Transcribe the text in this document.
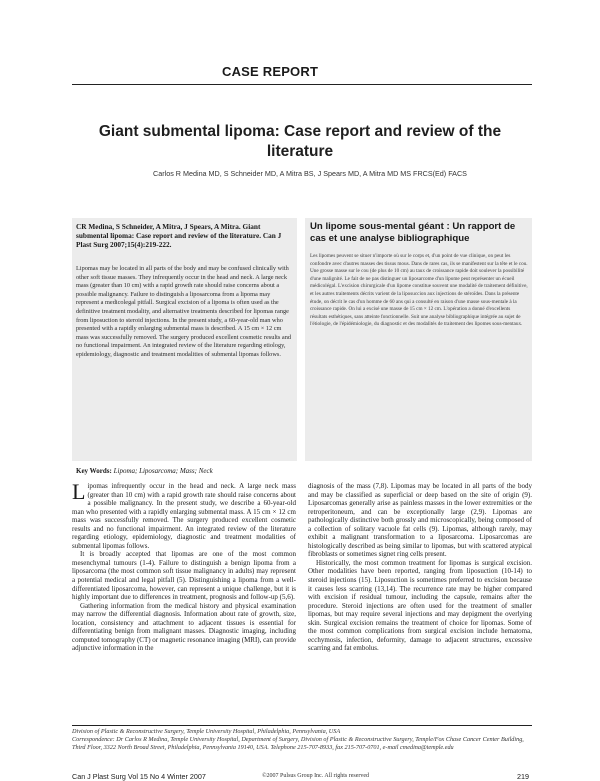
CASE REPORT
Giant submental lipoma: Case report and review of the literature
Carlos R Medina MD, S Schneider MD, A Mitra BS, J Spears MD, A Mitra MD MS FRCS(Ed) FACS
CR Medina, S Schneider, A Mitra, J Spears, A Mitra. Giant submental lipoma: Case report and review of the literature. Can J Plast Surg 2007;15(4):219-222.
Lipomas may be located in all parts of the body and may be confused clinically with other soft tissue masses. They infrequently occur in the head and neck. A large neck mass (greater than 10 cm) with a rapid growth rate should raise concerns about a possible malignancy. Failure to distinguish a liposarcoma from a lipoma may represent a medicolegal pitfall. Surgical excision of a lipoma is often used as the definitive treatment modality, and alternative treatments described for lipomas range from liposuction to steroid injections. In the present study, a 60-year-old man who presented with a rapidly enlarging submental mass is described. A 15 cm × 12 cm mass was successfully removed. The surgery produced excellent cosmetic results and no functional impairment. An integrated review of the literature regarding etiology, epidemiology, diagnostic and treatment modalities of submental lipomas follows.
Un lipome sous-mental géant : Un rapport de cas et une analyse bibliographique
Les lipomes peuvent se situer n'importe où sur le corps et, d'un point de vue clinique, on peut les confondre avec d'autres masses des tissus mous. Dans de rares cas, ils se manifestent sur la tête et le cou. Une grosse masse sur le cou (de plus de 10 cm) au taux de croissance rapide doit soulever la possibilité d'une malignité. Le fait de ne pas distinguer un liposarcome d'un lipome peut représenter un écueil médicolégal. L'excision chirurgicale d'un lipome constitue souvent une modalité de traitement définitive, et les autres traitements décrits varient de la liposuccion aux injections de stéroïdes. Dans la présente étude, on décrit le cas d'un homme de 60 ans qui a consulté en raison d'une masse sous-mentale à la croissance rapide. On lui a excisé une masse de 15 cm × 12 cm. L'opération a donné d'excellents résultats esthétiques, sans atteinte fonctionnelle. Suit une analyse bibliographique intégrée au sujet de l'étiologie, de l'épidémiologie, du diagnostic et des modalités de traitement des lipomes sous-mentaux.
Key Words: Lipoma; Liposarcoma; Mass; Neck

Lipomas infrequently occur in the head and neck. A large neck mass (greater than 10 cm) with a rapid growth rate should raise concerns about a possible malignancy. In the present study, we describe a 60-year-old man who presented with a rapidly enlarging submental mass. A 15 cm × 12 cm mass was successfully removed. The surgery produced excellent cosmetic results and no functional impairment. An integrated review of the literature regarding etiology, epidemiology, diagnostic and treatment modalities of submental lipomas follows.

It is broadly accepted that lipomas are one of the most common mesenchymal tumours (1-4). Failure to distinguish a benign lipoma from a liposarcoma (the most common soft tissue malignancy in adults) may represent a potential medical and legal pitfall (5). Distinguishing a lipoma from a well-differentiated liposarcoma, however, can represent a unique challenge, but it is highly important due to differences in treatment, prognosis and follow-up (5,6).

Gathering information from the medical history and physical examination may narrow the differential diagnosis. Information about rate of growth, size, location, consistency and attachment to adjacent tissues is essential for differentiating benign from malignant masses. Diagnostic imaging, including computed tomography (CT) or magnetic resonance imaging (MRI), can provide adjunctive information in the

diagnosis of the mass (7,8). Lipomas may be located in all parts of the body and may be classified as superficial or deep based on the site of origin (9). Liposarcomas generally arise as painless masses in the lower extremities or the retroperitoneum, and can be exceptionally large (2,9). Lipomas are pathologically distinctive both grossly and microscopically, being composed of a collection of solitary vacuole fat cells (9). Lipomas, although rarely, may exhibit a malignant transformation to a liposarcoma. Liposarcomas are histologically described as being similar to lipomas, but with scattered atypical fibroblasts or sometimes signet ring cells present.

Historically, the most common treatment for lipomas is surgical excision. Other modalities have been reported, ranging from liposuction (10-14) to steroid injections (15). Liposuction is sometimes preferred to excision because it causes less scarring (13,14). The recurrence rate may be higher compared with excision if residual tumour, including the capsule, remains after the procedure. Steroid injections are often used for the treatment of smaller lipomas, but may require several injections and may depigment the overlying skin. Surgical excision remains the treatment of choice for lipomas. Some of the most common complications from surgical excision include hematoma, ecchymosis, infection, deformity, damage to adjacent structures, excessive scarring and fat embolus.

Division of Plastic & Reconstructive Surgery, Temple University Hospital, Philadelphia, Pennsylvania, USA
Correspondence: Dr Carlos R Medina, Temple University Hospital, Department of Surgery, Division of Plastic & Reconstructive Surgery, Temple/Fox Chase Cancer Center Building, Third Floor, 3322 North Broad Street, Philadelphia, Pennsylvania 19140, USA. Telephone 215-707-8933, fax 215-707-0701, e-mail cmedina@temple.edu
Can J Plast Surg Vol 15 No 4 Winter 2007	©2007 Pulsus Group Inc. All rights reserved	219
